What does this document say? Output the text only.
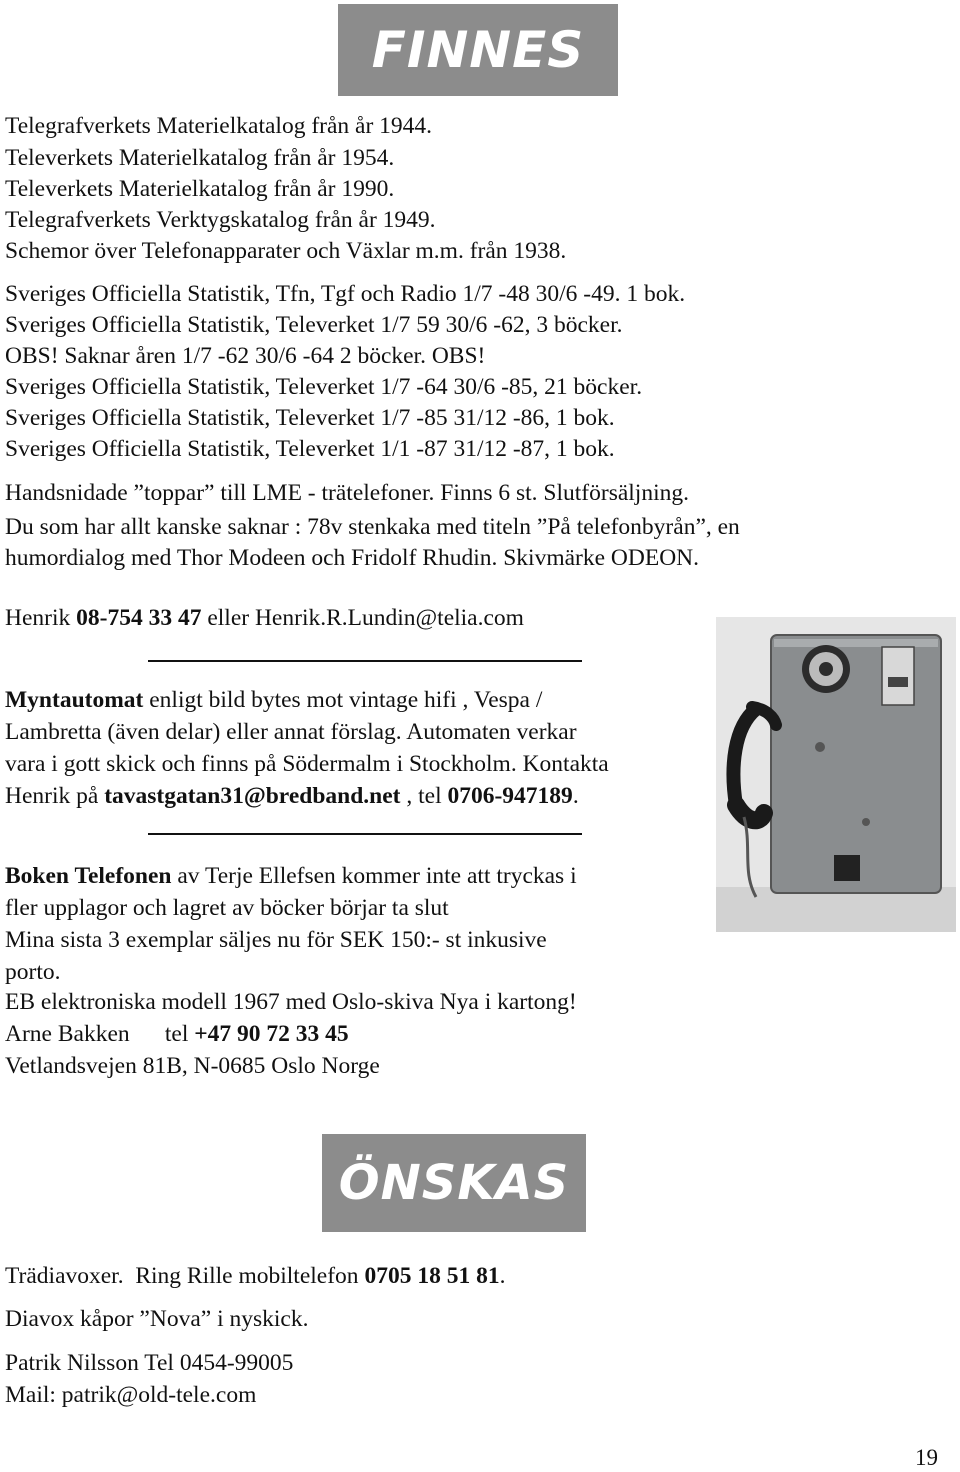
FINNES
Telegrafverkets Materielkatalog från år 1944.
Televerkets Materielkatalog från år 1954.
Televerkets Materielkatalog från år 1990.
Telegrafverkets Verktygskatalog från år 1949.
Schemor över Telefonapparater och Växlar m.m. från 1938.
Sveriges Officiella Statistik, Tfn, Tgf och Radio 1/7 -48 30/6 -49. 1 bok.
Sveriges Officiella Statistik, Televerket 1/7 59 30/6 -62, 3 böcker.
OBS! Saknar åren 1/7 -62 30/6 -64 2 böcker. OBS!
Sveriges Officiella Statistik, Televerket 1/7 -64 30/6 -85, 21 böcker.
Sveriges Officiella Statistik, Televerket 1/7 -85 31/12 -86, 1 bok.
Sveriges Officiella Statistik, Televerket 1/1 -87 31/12 -87, 1 bok.
Handsnidade ”toppar” till LME - trätelefoner. Finns 6 st. Slutförsäljning.
Du som har allt kanske saknar : 78v stenkaka med titeln ”På telefonbyrån”, en
humordialog med Thor Modeen och Fridolf Rhudin. Skivmärke ODEON.
Henrik 08-754 33 47 eller Henrik.R.Lundin@telia.com
Myntautomat enligt bild bytes mot vintage hifi , Vespa /
Lambretta (även delar) eller annat förslag. Automaten verkar
vara i gott skick och finns på Södermalm i Stockholm. Kontakta
Henrik på tavastgatan31@bredband.net , tel 0706-947189.
Boken Telefonen av Terje Ellefsen kommer inte att tryckas i
fler upplagor och lagret av böcker börjar ta slut
Mina sista 3 exemplar säljes nu för SEK 150:- st inkusive
porto.
EB elektroniska modell 1967 med Oslo-skiva Nya i kartong!
Arne Bakken      tel +47 90 72 33 45
Vetlandsvejen 81B, N-0685 Oslo Norge
ÖNSKAS
Trädiavoxer.  Ring Rille mobiltelefon 0705 18 51 81.
Diavox kåpor ”Nova” i nyskick.
Patrik Nilsson Tel 0454-99005
Mail: patrik@old-tele.com
19
